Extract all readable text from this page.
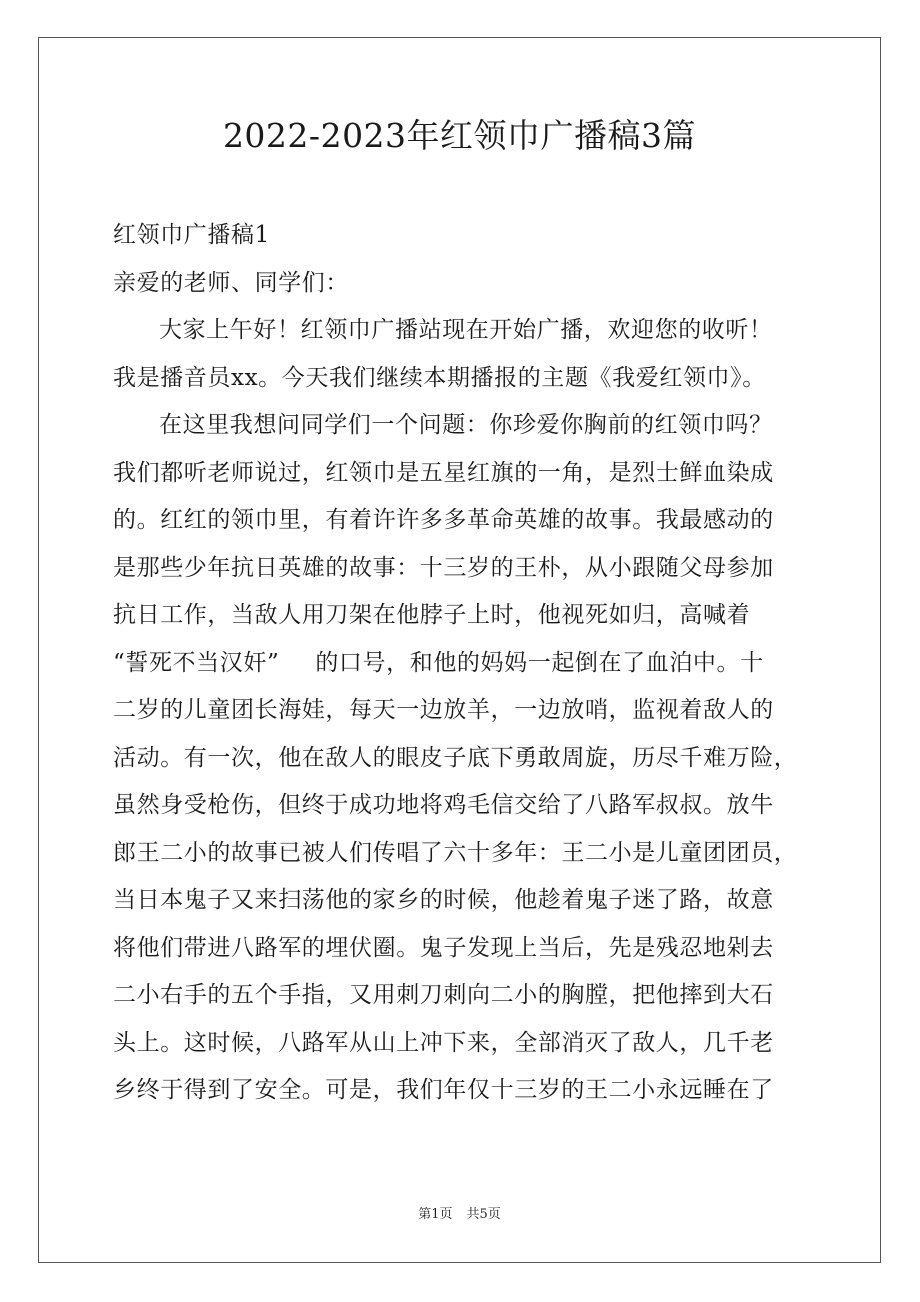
2022-2023年红领巾广播稿3篇
红领巾广播稿1
亲爱的老师、同学们：
大家上午好！红领巾广播站现在开始广播，欢迎您的收听！
我是播音员xx。今天我们继续本期播报的主题《我爱红领巾》。
在这里我想问同学们一个问题：你珍爱你胸前的红领巾吗？
我们都听老师说过，红领巾是五星红旗的一角，是烈士鲜血染成
的。红红的领巾里，有着许许多多革命英雄的故事。我最感动的
是那些少年抗日英雄的故事：十三岁的王朴，从小跟随父母参加
抗日工作，当敌人用刀架在他脖子上时，他视死如归，高喊着
“誓死不当汉奸” 的口号，和他的妈妈一起倒在了血泊中。十
二岁的儿童团长海娃，每天一边放羊，一边放哨，监视着敌人的
活动。有一次，他在敌人的眼皮子底下勇敢周旋，历尽千难万险，
虽然身受枪伤，但终于成功地将鸡毛信交给了八路军叔叔。放牛
郎王二小的故事已被人们传唱了六十多年：王二小是儿童团团员，
当日本鬼子又来扫荡他的家乡的时候，他趁着鬼子迷了路，故意
将他们带进八路军的埋伏圈。鬼子发现上当后，先是残忍地剁去
二小右手的五个手指，又用刺刀刺向二小的胸膛，把他摔到大石
头上。这时候，八路军从山上冲下来，全部消灭了敌人，几千老
乡终于得到了安全。可是，我们年仅十三岁的王二小永远睡在了
第1页 共5页
